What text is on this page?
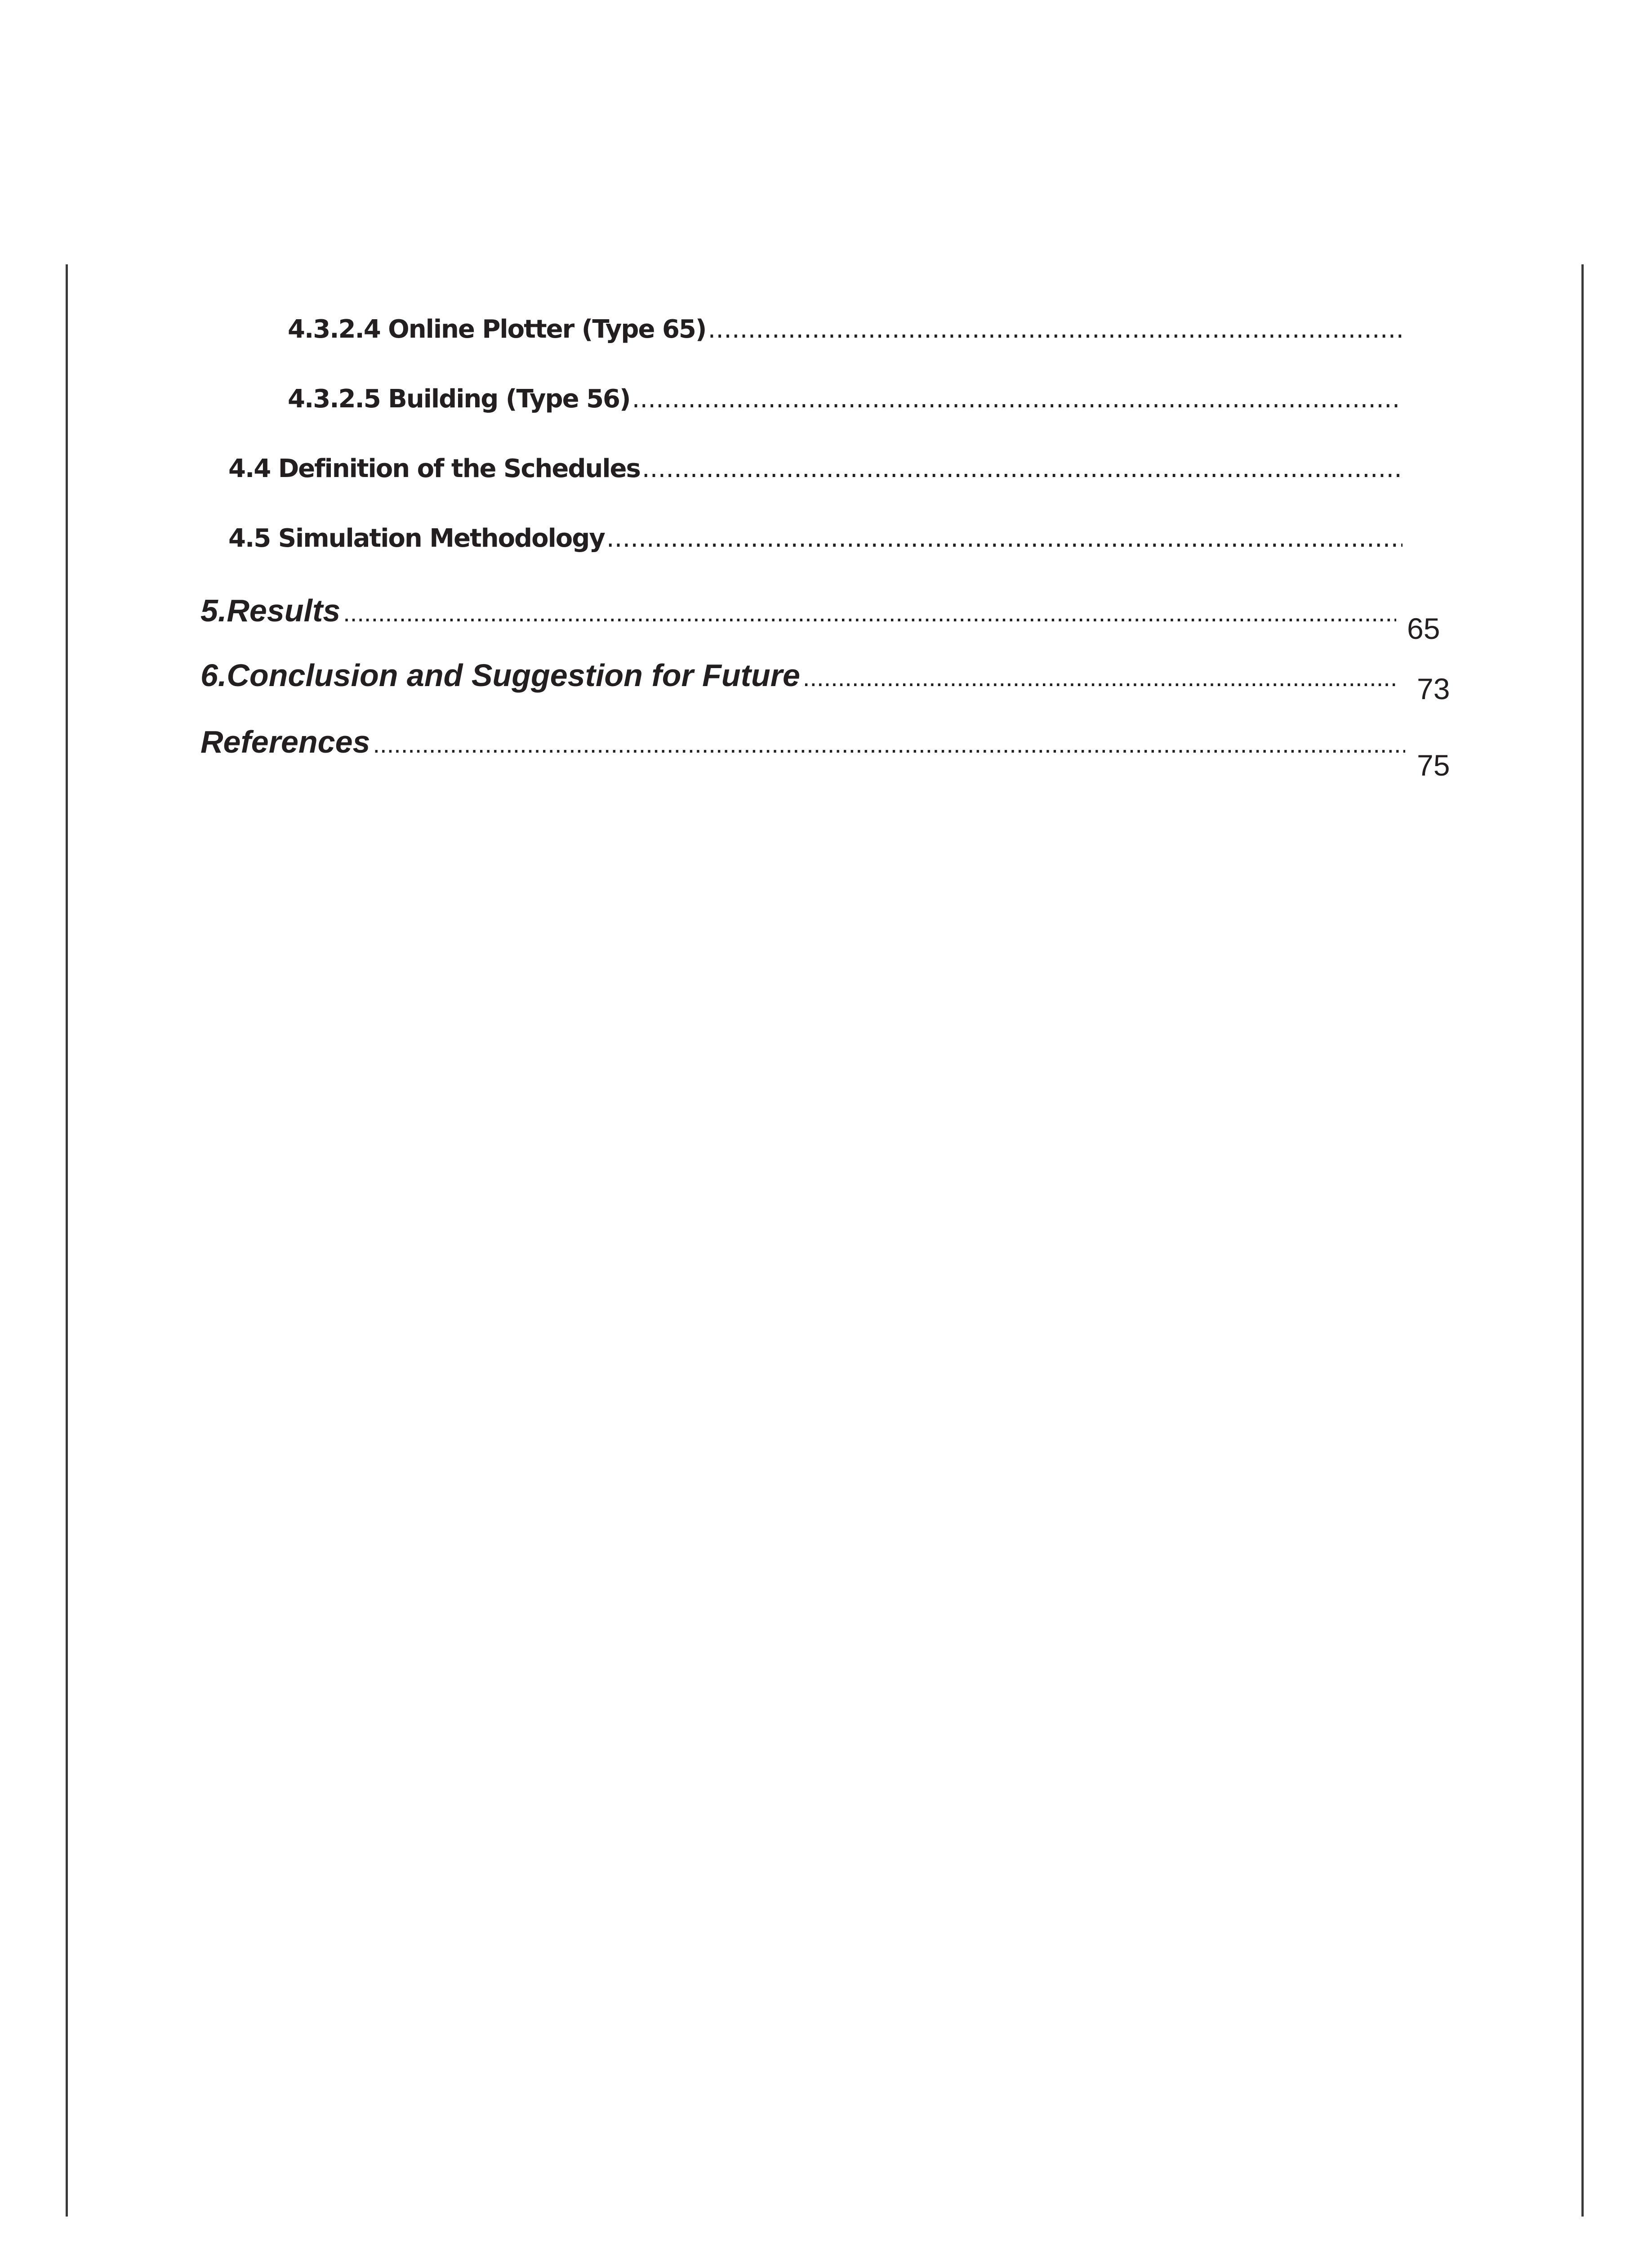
4.3.2.4 Online Plotter (Type 65)
.....
4.3.2.5 Building (Type 56)
.....
4.4 Definition of the Schedules
.....
4.5 Simulation Methodology
.....
5.Results
.....
65
6.Conclusion and Suggestion for Future
.....	73
References
.....
75
